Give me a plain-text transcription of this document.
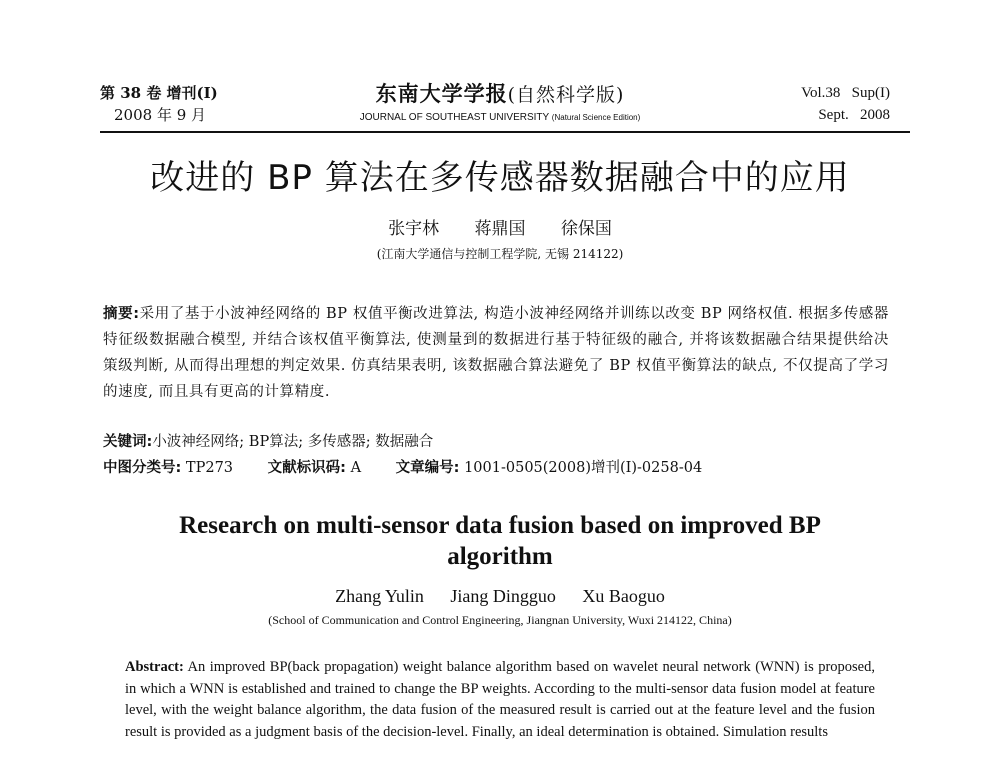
第 38 卷 增刊(I)
2008 年 9 月
东南大学学报(自然科学版)
JOURNAL OF SOUTHEAST UNIVERSITY (Natural Science Edition)
Vol.38   Sup(I)
Sept.   2008
改进的 BP 算法在多传感器数据融合中的应用
张宇林 蒋鼎国 徐保国
(江南大学通信与控制工程学院, 无锡 214122)
摘要:采用了基于小波神经网络的 BP 权值平衡改进算法, 构造小波神经网络并训练以改变 BP 网络权值. 根据多传感器特征级数据融合模型, 并结合该权值平衡算法, 使测量到的数据进行基于特征级的融合, 并将该数据融合结果提供给决策级判断, 从而得出理想的判定效果. 仿真结果表明, 该数据融合算法避免了 BP 权值平衡算法的缺点, 不仅提高了学习的速度, 而且具有更高的计算精度.
关键词:小波神经网络; BP算法; 多传感器; 数据融合
中图分类号: TP273 文献标识码: A 文章编号: 1001-0505(2008)增刊(I)-0258-04
Research on multi-sensor data fusion based on improved BP algorithm
Zhang Yulin Jiang Dingguo Xu Baoguo
(School of Communication and Control Engineering, Jiangnan University, Wuxi 214122, China)
Abstract: An improved BP(back propagation) weight balance algorithm based on wavelet neural network (WNN) is proposed, in which a WNN is established and trained to change the BP weights. According to the multi-sensor data fusion model at feature level, with the weight balance algorithm, the data fusion of the measured result is carried out at the feature level and the fusion result is provided as a judgment basis of the decision-level. Finally, an ideal determination is obtained. Simulation results
